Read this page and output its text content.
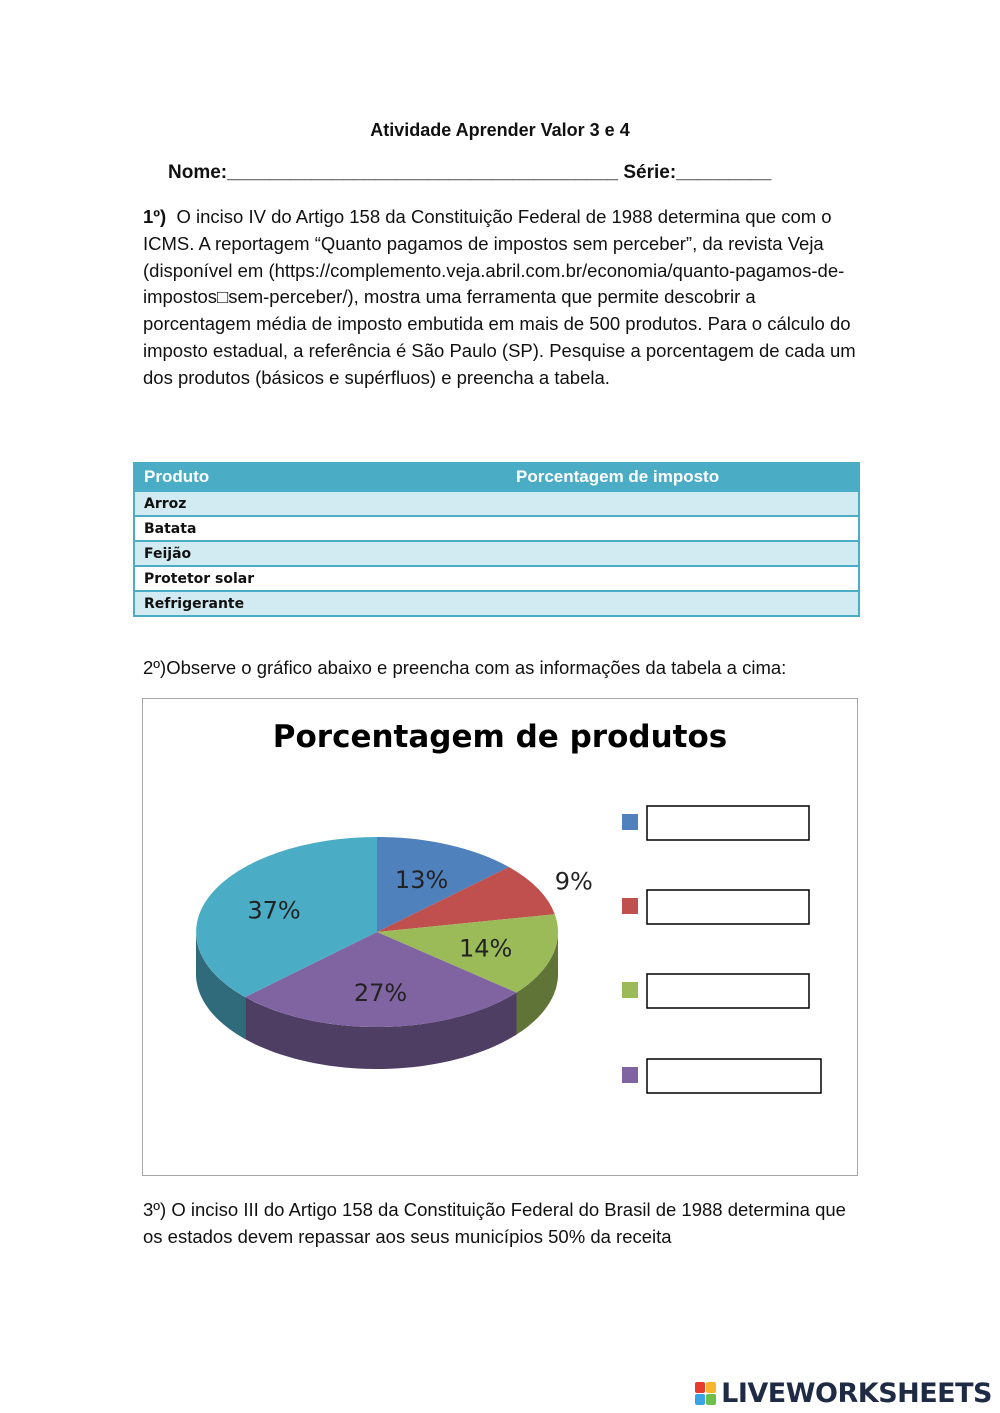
Atividade Aprender Valor 3 e 4
Nome:_____________________________________ Série:_________
1º) O inciso IV do Artigo 158 da Constituição Federal de 1988 determina que com o ICMS. A reportagem “Quanto pagamos de impostos sem perceber”, da revista Veja (disponível em (https://complemento.veja.abril.com.br/economia/quanto-pagamos-de-impostos□sem-perceber/), mostra uma ferramenta que permite descobrir a porcentagem média de imposto embutida em mais de 500 produtos. Para o cálculo do imposto estadual, a referência é São Paulo (SP). Pesquise a porcentagem de cada um dos produtos (básicos e supérfluos) e preencha a tabela.
Produto	Porcentagem de imposto
Arroz	
Batata	
Feijão	
Protetor solar	
Refrigerante	
2º)Observe o gráfico abaixo e preencha com as informações da tabela a cima:
Porcentagem de produtos
13%	9%
14%
27%
37%
3º) O inciso III do Artigo 158 da Constituição Federal do Brasil de 1988 determina que os estados devem repassar aos seus municípios 50% da receita
LIVEWORKSHEETS
